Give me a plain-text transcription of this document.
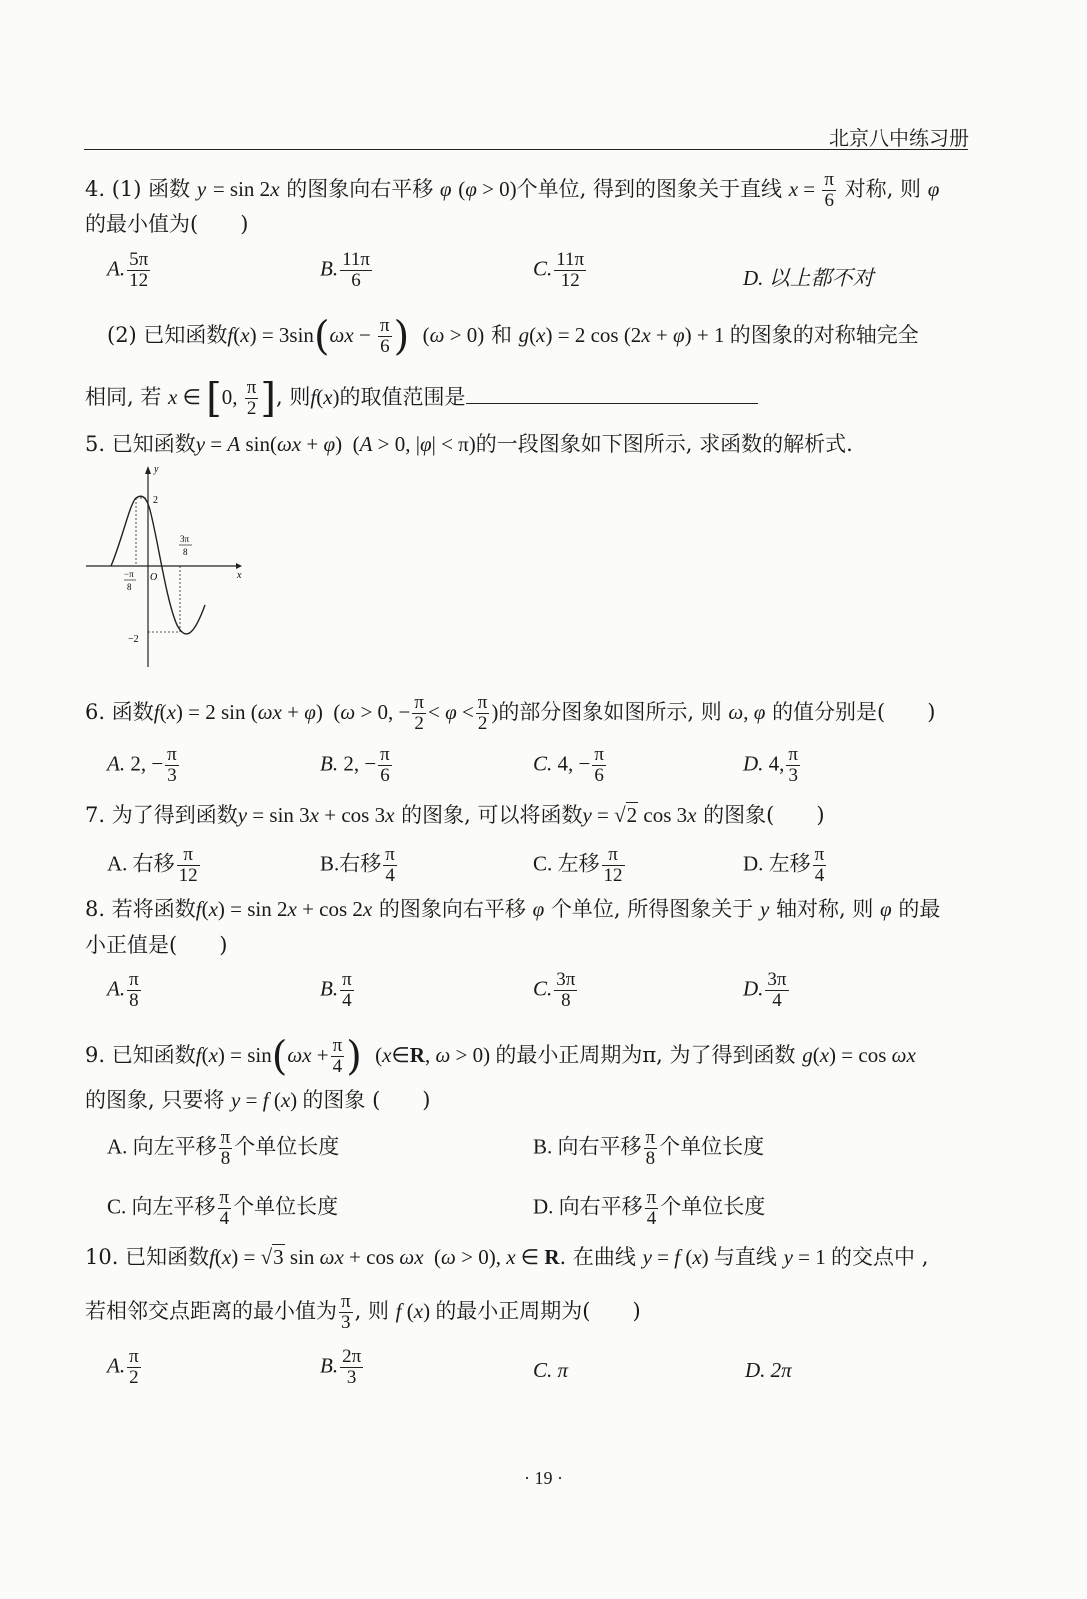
北京八中练习册
4. (1) 函数 y = sin 2x 的图象向右平移 φ (φ > 0)个单位, 得到的图象关于直线 $x = \frac{\pi}{6}$ 对称, 则 φ
的最小值为(　　)
A. $\frac{5\pi}{12}$	B. $\frac{11\pi}{6}$	C. $\frac{11\pi}{12}$	D. 以上都不对
(2) 已知函数$f(x) = 3\sin(\omega x - \frac{\pi}{6}$ ) (ω > 0) 和 g(x) = 2 cos (2x + φ) + 1 的图象的对称轴完全
相同, 若 x ∈ [0, $\frac{\pi}{2}$ ], 则f(x)的取值范围是
5. 已知函数y = A sin(ωx + φ)  (A > 0, |φ| < π)的一段图象如下图所示, 求函数的解析式.
y
x
O
2
−2
−π
8
3π
8
6. 函数f(x) = 2 sin (ωx + φ)  (ω > 0, − $\frac{\pi}{2} < \varphi < \frac{\pi}{2}$ )的部分图象如图所示, 则 ω, φ 的值分别是(　　)
A. 2, − $\frac{\pi}{3}$	B. 2, − $\frac{\pi}{6}$	C. 4, − $\frac{\pi}{6}$	D. 4, $\frac{\pi}{3}$
7. 为了得到函数y = sin 3x + cos 3x 的图象, 可以将函数y = √2 cos 3x 的图象(　　)
A. 右移 $\frac{\pi}{12}$	B.右移 $\frac{\pi}{4}$	C. 左移 $\frac{\pi}{12}$	D. 左移 $\frac{\pi}{4}$
8. 若将函数f(x) = sin 2x + cos 2x 的图象向右平移 φ 个单位, 所得图象关于 y 轴对称, 则 φ 的最
小正值是(　　)
A. $\frac{\pi}{8}$	B. $\frac{\pi}{4}$	C. $\frac{3\pi}{8}$	D. $\frac{3\pi}{4}$
9. 已知函数$f(x) = \sin(\omega x + \frac{\pi}{4}$ ) (x∈R, ω > 0) 的最小正周期为π, 为了得到函数 g(x) = cos ωx
的图象, 只要将 y = f (x) 的图象 (　　)
A. 向左平移 $\frac{\pi}{8}$ 个单位长度	B. 向右平移 $\frac{\pi}{8}$ 个单位长度
C. 向左平移 $\frac{\pi}{4}$ 个单位长度	D. 向右平移 $\frac{\pi}{4}$ 个单位长度
10. 已知函数f(x) = √3 sin ωx + cos ωx  (ω > 0), x ∈ R. 在曲线 y = f (x) 与直线 y = 1 的交点中 ,
若相邻交点距离的最小值为 $\frac{\pi}{3}$ , 则 f (x) 的最小正周期为(　　)
A. $\frac{\pi}{2}$	B. $\frac{2\pi}{3}$	C. π	D. 2π
· 19 ·
